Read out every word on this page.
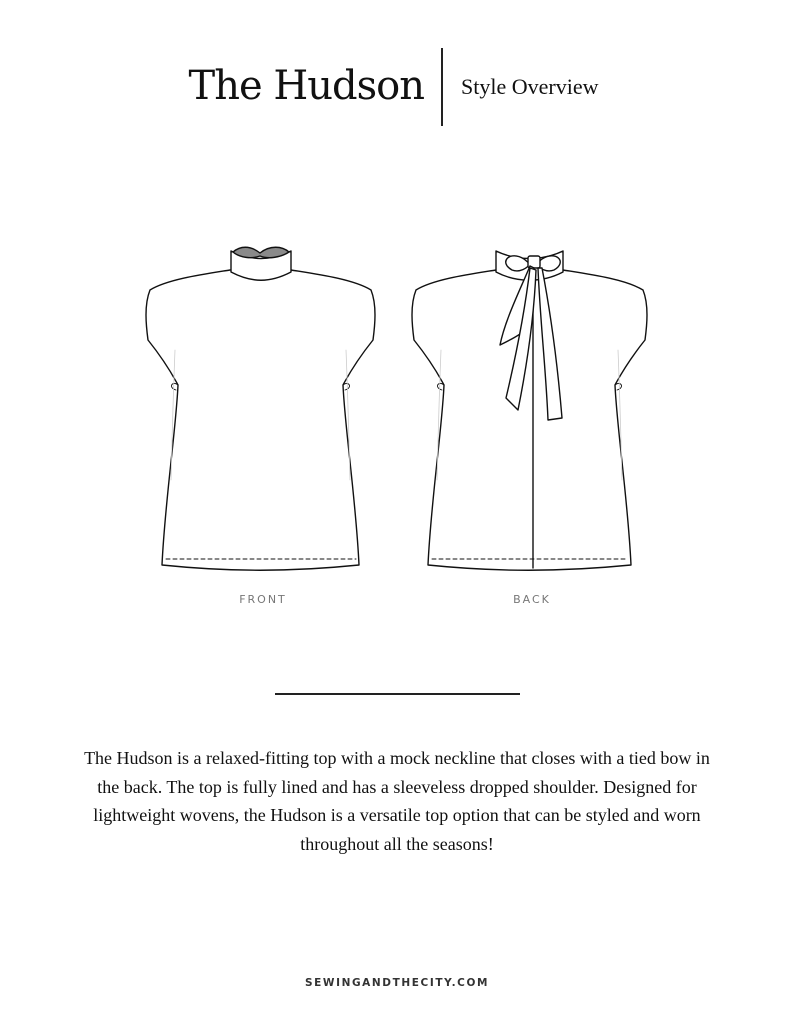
The Hudson Style Overview
FRONT	BACK
The Hudson is a relaxed-fitting top with a mock neckline that closes with a tied bow in the back. The top is fully lined and has a sleeveless dropped shoulder. Designed for lightweight wovens, the Hudson is a versatile top option that can be styled and worn throughout all the seasons!
SEWINGANDTHECITY.COM
